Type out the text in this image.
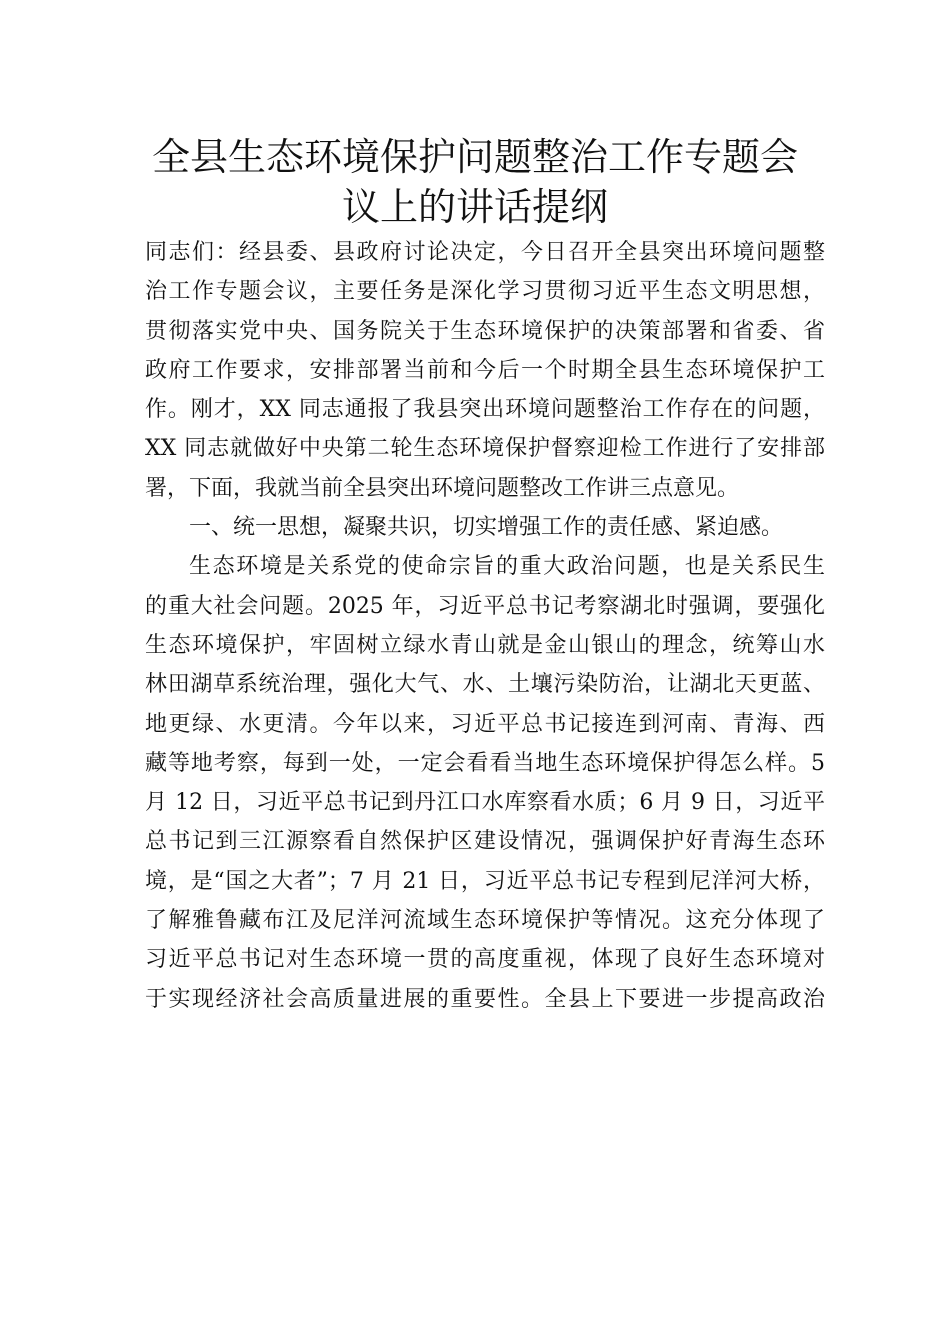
全县生态环境保护问题整治工作专题会
议上的讲话提纲
同志们：经县委、县政府讨论决定，今日召开全县突出环境问题整
治工作专题会议，主要任务是深化学习贯彻习近平生态文明思想，
贯彻落实党中央、国务院关于生态环境保护的决策部署和省委、省
政府工作要求，安排部署当前和今后一个时期全县生态环境保护工
作。刚才，XX 同志通报了我县突出环境问题整治工作存在的问题，
XX 同志就做好中央第二轮生态环境保护督察迎检工作进行了安排部
署，下面，我就当前全县突出环境问题整改工作讲三点意见。
一、统一思想，凝聚共识，切实增强工作的责任感、紧迫感。
生态环境是关系党的使命宗旨的重大政治问题，也是关系民生
的重大社会问题。2025 年，习近平总书记考察湖北时强调，要强化
生态环境保护，牢固树立绿水青山就是金山银山的理念，统筹山水
林田湖草系统治理，强化大气、水、土壤污染防治，让湖北天更蓝、
地更绿、水更清。今年以来，习近平总书记接连到河南、青海、西
藏等地考察，每到一处，一定会看看当地生态环境保护得怎么样。5
月 12 日，习近平总书记到丹江口水库察看水质；6 月 9 日，习近平
总书记到三江源察看自然保护区建设情况，强调保护好青海生态环
境，是“国之大者”；7 月 21 日，习近平总书记专程到尼洋河大桥，
了解雅鲁藏布江及尼洋河流域生态环境保护等情况。这充分体现了
习近平总书记对生态环境一贯的高度重视，体现了良好生态环境对
于实现经济社会高质量进展的重要性。全县上下要进一步提高政治
